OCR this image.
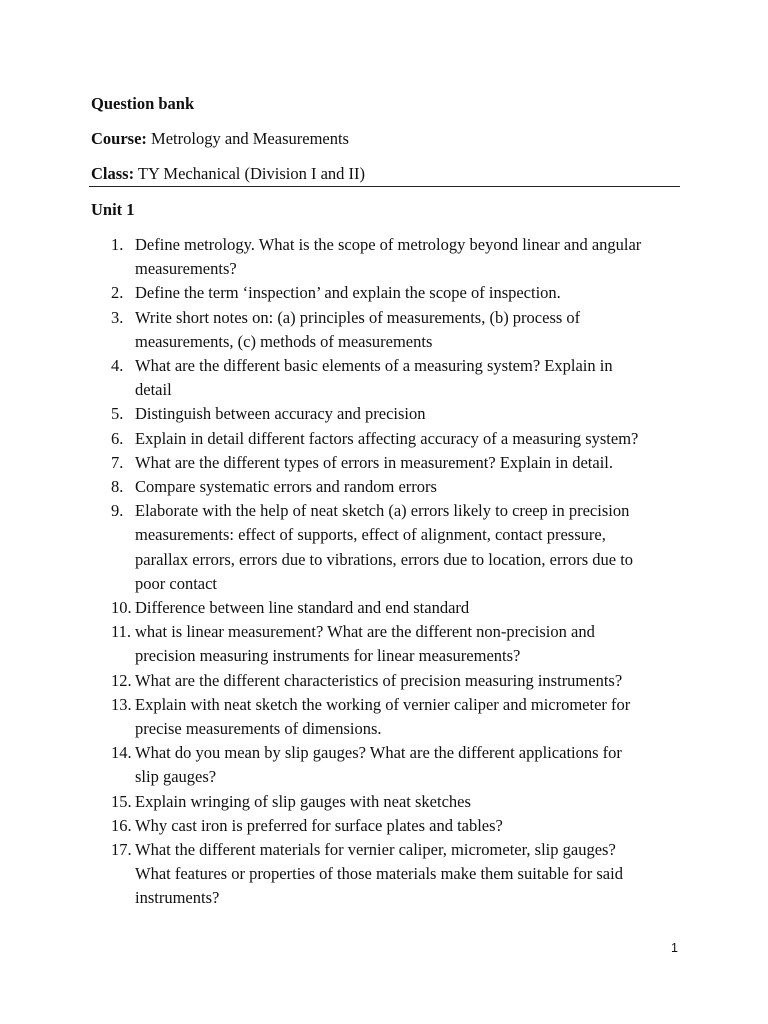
Question bank
Course: Metrology and Measurements
Class: TY Mechanical (Division I and II)
Unit 1
1. Define metrology. What is the scope of metrology beyond linear and angular
measurements?
2. Define the term ‘inspection’ and explain the scope of inspection.
3. Write short notes on: (a) principles of measurements, (b) process of
measurements, (c) methods of measurements
4. What are the different basic elements of a measuring system? Explain in
detail
5. Distinguish between accuracy and precision
6. Explain in detail different factors affecting accuracy of a measuring system?
7. What are the different types of errors in measurement? Explain in detail.
8. Compare systematic errors and random errors
9. Elaborate with the help of neat sketch (a) errors likely to creep in precision
measurements: effect of supports, effect of alignment, contact pressure,
parallax errors, errors due to vibrations, errors due to location, errors due to
poor contact
10. Difference between line standard and end standard
11. what is linear measurement? What are the different non-precision and
precision measuring instruments for linear measurements?
12. What are the different characteristics of precision measuring instruments?
13. Explain with neat sketch the working of vernier caliper and micrometer for
precise measurements of dimensions.
14. What do you mean by slip gauges? What are the different applications for
slip gauges?
15. Explain wringing of slip gauges with neat sketches
16. Why cast iron is preferred for surface plates and tables?
17. What the different materials for vernier caliper, micrometer, slip gauges?
What features or properties of those materials make them suitable for said
instruments?
1
